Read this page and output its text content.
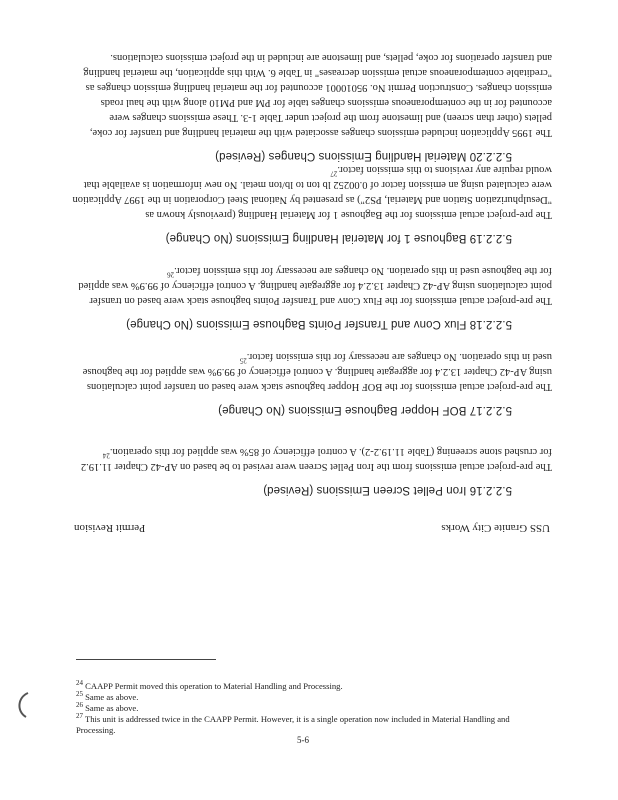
USS Granite City Works
Permit Revision
5.2.2.16 Iron Pellet Screen Emissions (Revised)

The pre-project actual emissions from the Iron Pellet Screen were revised to be based on AP-42 Chapter 11.19.2 for crushed stone screening (Table 11.19.2-2). A control efficiency of 85% was applied for this operation.$^{24}$

5.2.2.17 BOF Hopper Baghouse Emissions (No Change)

The pre-project actual emissions for the BOF Hopper baghouse stack were based on transfer point calculations using AP-42 Chapter 13.2.4 for aggregate handling. A control efficiency of 99.9% was applied for the baghouse used in this operation. No changes are necessary for this emission factor.$^{25}$

5.2.2.18 Flux Conv and Transfer Points Baghouse Emissions (No Change)

The pre-project actual emissions for the Flux Conv and Transfer Points baghouse stack were based on transfer point calculations using AP-42 Chapter 13.2.4 for aggregate handling. A control efficiency of 99.9% was applied for the baghouse used in this operation. No changes are necessary for this emission factor.$^{26}$

5.2.2.19 Baghouse 1 for Material Handling Emissions (No Change)

The pre-project actual emissions for the Baghouse 1 for Material Handling (previously known as "Desulphurization Station and Material, PS2") as presented by National Steel Corporation in the 1997 Application were calculated using an emission factor of 0.00252 lb ton to lb/ton metal. No new information is available that would require any revisions to this emission factor.$^{27}$

5.2.2.20 Material Handling Emissions Changes (Revised)

The 1995 Application included emissions changes associated with the material handling and transfer for coke, pellets (other than screen) and limestone from the project under Table 1-3. These emissions changes were accounted for in the contemporaneous emissions changes table for PM and PM10 along with the haul roads emission changes. Construction Permit No. 95010001 accounted for the material handling emission changes as "creditable contemporaneous actual emission decreases" in Table 6. With this application, the material handling and transfer operations for coke, pellets, and limestone are included in the project emissions calculations.

$^{24}$ CAAPP Permit moved this operation to Material Handling and Processing.
$^{25}$ Same as above.
$^{26}$ Same as above.
$^{27}$ This unit is addressed twice in the CAAPP Permit. However, it is a single operation now included in Material Handling and Processing.
5-6
